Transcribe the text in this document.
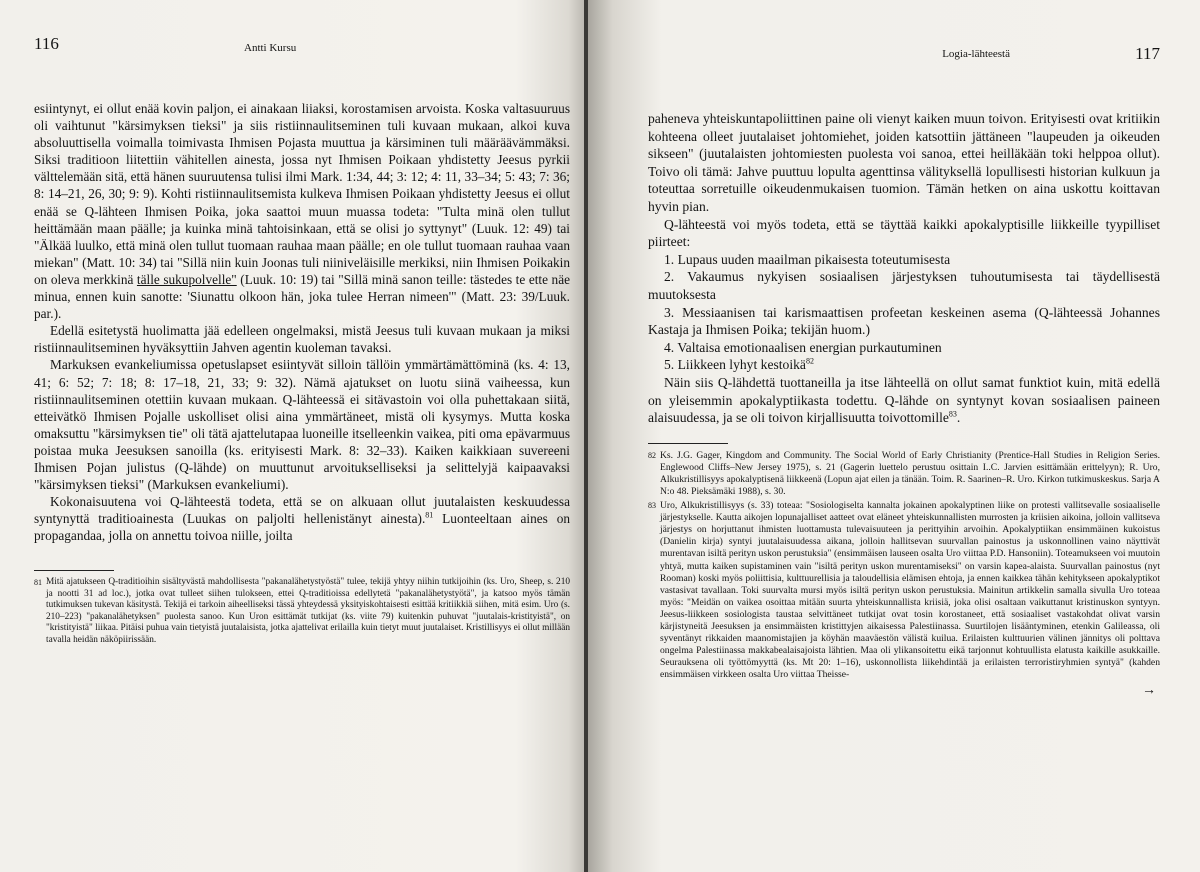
116	Antti Kursu

esiintynyt, ei ollut enää kovin paljon, ei ainakaan liiaksi, korostamisen arvoista. Koska valtasuuruus oli vaihtunut "kärsimyksen tieksi" ja siis ristiinnaulitseminen tuli kuvaan mukaan, alkoi kuva absoluuttisella voimalla toimivasta Ihmisen Pojasta muuttua ja kärsiminen tuli määräävämmäksi. Siksi traditioon liitettiin vähitellen ainesta, jossa nyt Ihmisen Poikaan yhdistetty Jeesus pyrkii välttelemään sitä, että hänen suuruutensa tulisi ilmi Mark. 1:34, 44; 3: 12; 4: 11, 33–34; 5: 43; 7: 36; 8: 14–21, 26, 30; 9: 9). Kohti ristiinnaulitsemista kulkeva Ihmisen Poikaan yhdistetty Jeesus ei ollut enää se Q-lähteen Ihmisen Poika, joka saattoi muun muassa todeta: "Tulta minä olen tullut heittämään maan päälle; ja kuinka minä tahtoisinkaan, että se olisi jo syttynyt" (Luuk. 12: 49) tai "Älkää luulko, että minä olen tullut tuomaan rauhaa maan päälle; en ole tullut tuomaan rauhaa vaan miekan" (Matt. 10: 34) tai "Sillä niin kuin Joonas tuli niiniveläisille merkiksi, niin Ihmisen Poikakin on oleva merkkinä tälle sukupolvelle" (Luuk. 10: 19) tai "Sillä minä sanon teille: tästedes te ette näe minua, ennen kuin sanotte: 'Siunattu olkoon hän, joka tulee Herran nimeen'" (Matt. 23: 39/Luuk. par.).

Edellä esitetystä huolimatta jää edelleen ongelmaksi, mistä Jeesus tuli kuvaan mukaan ja miksi ristiinnaulitseminen hyväksyttiin Jahven agentin kuoleman tavaksi.

Markuksen evankeliumissa opetuslapset esiintyvät silloin tällöin ymmärtämättöminä (ks. 4: 13, 41; 6: 52; 7: 18; 8: 17–18, 21, 33; 9: 32). Nämä ajatukset on luotu siinä vaiheessa, kun ristiinnaulitseminen otettiin kuvaan mukaan. Q-lähteessä ei sitävastoin voi olla puhettakaan siitä, etteivätkö Ihmisen Pojalle uskolliset olisi aina ymmärtäneet, mistä oli kysymys. Mutta koska omaksuttu "kärsimyksen tie" oli tätä ajattelutapaa luoneille itselleenkin vaikea, piti oma epävarmuus poistaa muka Jeesuksen sanoilla (ks. erityisesti Mark. 8: 32–33). Kaiken kaikkiaan suvereeni Ihmisen Pojan julistus (Q-lähde) on muuttunut arvoitukselliseksi ja selittelyjä kaipaavaksi "kärsimyksen tieksi" (Markuksen evankeliumi).

Kokonaisuutena voi Q-lähteestä todeta, että se on alkuaan ollut juutalaisten keskuudessa syntynyttä traditioainesta (Luukas on paljolti hellenistänyt ainesta).$^{81}$ Luonteeltaan aines on propagandaa, jolla on annettu toivoa niille, joilta

81 Mitä ajatukseen Q-traditioihin sisältyvästä mahdollisesta "pakanalähetystyöstä" tulee, tekijä yhtyy niihin tutkijoihin (ks. Uro, Sheep, s. 210 ja nootti 31 ad loc.), jotka ovat tulleet siihen tulokseen, ettei Q-traditioissa edellytetä "pakanalähetystyötä", ja katsoo myös tämän tutkimuksen tukevan käsitystä. Tekijä ei tarkoin aiheelliseksi tässä yhteydessä yksityiskohtaisesti esittää kritiikkiä siihen, mitä esim. Uro (s. 210–223) "pakanalähetyksen" puolesta sanoo. Kun Uron esittämät tutkijat (ks. viite 79) kuitenkin puhuvat "juutalais-kristityistä", on "kristityistä" liikaa. Pitäisi puhua vain tietyistä juutalaisista, jotka ajattelivat erilailla kuin tietyt muut juutalaiset. Kristillisyys ei ollut millään tavalla heidän näköpiirissään.
Logia-lähteestä	117

paheneva yhteiskuntapoliittinen paine oli vienyt kaiken muun toivon. Erityisesti ovat kritiikin kohteena olleet juutalaiset johtomiehet, joiden katsottiin jättäneen "laupeuden ja oikeuden sikseen" (juutalaisten johtomiesten puolesta voi sanoa, ettei heilläkään toki helppoa ollut). Toivo oli tämä: Jahve puuttuu lopulta agenttinsa välityksellä lopullisesti historian kulkuun ja toteuttaa sorretuille oikeudenmukaisen tuomion. Tämän hetken on aina uskottu koittavan hyvin pian.

Q-lähteestä voi myös todeta, että se täyttää kaikki apokalyptisille liikkeille tyypilliset piirteet:

1. Lupaus uuden maailman pikaisesta toteutumisesta

2. Vakaumus nykyisen sosiaalisen järjestyksen tuhoutumisesta tai täydellisestä muutoksesta

3. Messiaanisen tai karismaattisen profeetan keskeinen asema (Q-lähteessä Johannes Kastaja ja Ihmisen Poika; tekijän huom.)

4. Valtaisa emotionaalisen energian purkautuminen

5. Liikkeen lyhyt kestoikä$^{82}$

Näin siis Q-lähdettä tuottaneilla ja itse lähteellä on ollut samat funktiot kuin, mitä edellä on yleisemmin apokalyptiikasta todettu. Q-lähde on syntynyt kovan sosiaalisen paineen alaisuudessa, ja se oli toivon kirjallisuutta toivottomille$^{83}$.

82 Ks. J.G. Gager, Kingdom and Community. The Social World of Early Christianity (Prentice-Hall Studies in Religion Series. Englewood Cliffs–New Jersey 1975), s. 21 (Gagerin luettelo perustuu osittain I..C. Jarvien esittämään erittelyyn); R. Uro, Alkukristillisyys apokalyptisenä liikkeenä (Lopun ajat eilen ja tänään. Toim. R. Saarinen–R. Uro. Kirkon tutkimuskeskus. Sarja A N:o 48. Pieksämäki 1988), s. 30.
83 Uro, Alkukristillisyys (s. 33) toteaa: "Sosiologiselta kannalta jokainen apokalyptinen liike on protesti vallitsevalle sosiaaliselle järjestykselle. Kautta aikojen lopunajalliset aatteet ovat eläneet yhteiskunnallisten murrosten ja kriisien aikoina, jolloin vallitseva järjestys on horjuttanut ihmisten luottamusta tulevaisuuteen ja perittyihin arvoihin. Apokalyptiikan ensimmäinen kukoistus (Danielin kirja) syntyi juutalaisuudessa aikana, jolloin hallitsevan suurvallan painostus ja uskonnollinen vaino näyttivät murentavan isiltä perityn uskon perustuksia" (ensimmäisen lauseen osalta Uro viittaa P.D. Hansoniin). Toteamukseen voi muutoin yhtyä, mutta kaiken supistaminen vain "isiltä perityn uskon murentamiseksi" on varsin kapea-alaista. Suurvallan painostus (nyt Rooman) koski myös poliittisia, kulttuurellisia ja taloudellisia elämisen ehtoja, ja ennen kaikkea tähän kehitykseen apokalyptikot vastasivat tavallaan. Toki suurvalta mursi myös isiltä perityn uskon perustuksia. Mainitun artikkelin samalla sivulla Uro toteaa myös: "Meidän on vaikea osoittaa mitään suurta yhteiskunnallista kriisiä, joka olisi osaltaan vaikuttanut kristinuskon syntyyn. Jeesus-liikkeen sosiologista taustaa selvittäneet tutkijat ovat tosin korostaneet, että sosiaaliset vastakohdat olivat varsin kärjistyneitä Jeesuksen ja ensimmäisten kristittyjen aikaisessa Palestiinassa. Suurtilojen lisääntyminen, etenkin Galileassa, oli syventänyt rikkaiden maanomistajien ja köyhän maaväestön välistä kuilua. Erilaisten kulttuurien välinen jännitys oli polttava ongelma Palestiinassa makkabealaisajoista lähtien. Maa oli ylikansoitettu eikä tarjonnut kohtuullista elatusta kaikille asukkaille. Seurauksena oli työttömyyttä (ks. Mt 20: 1–16), uskonnollista liikehdintää ja erilaisten terroristiryhmien syntyä" (kahden ensimmäisen virkkeen osalta Uro viittaa Theisse-
→
